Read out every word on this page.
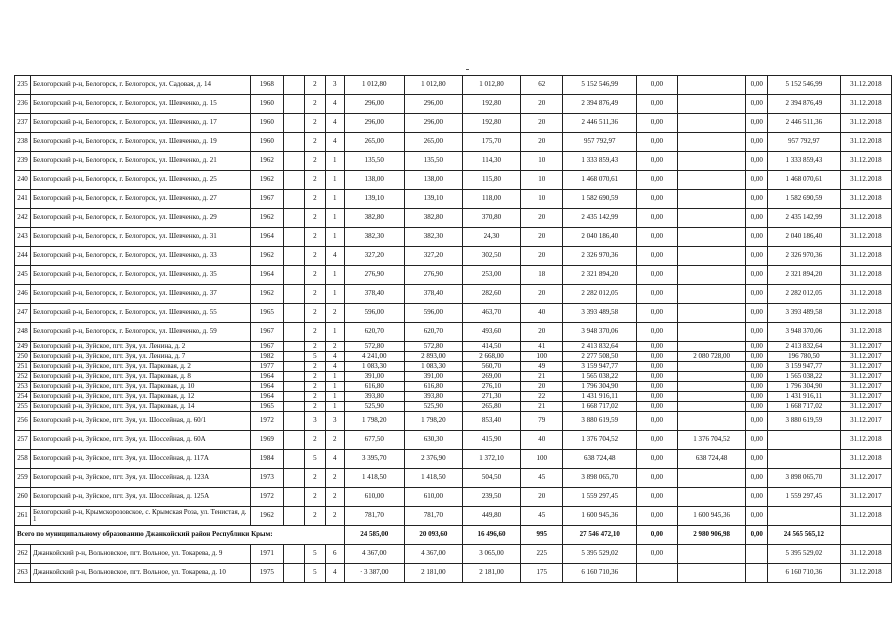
235	Белогорский р-н, Белогорск, г. Белогорск, ул. Садовая, д. 14	1968		2	3	1 012,80	1 012,80	1 012,80	62	5 152 546,99	0,00		0,00	5 152 546,99	31.12.2018
236	Белогорский р-н, Белогорск, г. Белогорск, ул. Шевченко, д. 15	1960		2	4	296,00	296,00	192,80	20	2 394 876,49	0,00		0,00	2 394 876,49	31.12.2018
237	Белогорский р-н, Белогорск, г. Белогорск, ул. Шевченко, д. 17	1960		2	4	296,00	296,00	192,80	20	2 446 511,36	0,00		0,00	2 446 511,36	31.12.2018
238	Белогорский р-н, Белогорск, г. Белогорск, ул. Шевченко, д. 19	1960		2	4	265,00	265,00	175,70	20	957 792,97	0,00		0,00	957 792,97	31.12.2018
239	Белогорский р-н, Белогорск, г. Белогорск, ул. Шевченко, д. 21	1962		2	1	135,50	135,50	114,30	10	1 333 859,43	0,00		0,00	1 333 859,43	31.12.2018
240	Белогорский р-н, Белогорск, г. Белогорск, ул. Шевченко, д. 25	1962		2	1	138,00	138,00	115,80	10	1 468 070,61	0,00		0,00	1 468 070,61	31.12.2018
241	Белогорский р-н, Белогорск, г. Белогорск, ул. Шевченко, д. 27	1967		2	1	139,10	139,10	118,00	10	1 582 690,59	0,00		0,00	1 582 690,59	31.12.2018
242	Белогорский р-н, Белогорск, г. Белогорск, ул. Шевченко, д. 29	1962		2	1	382,80	382,80	370,80	20	2 435 142,99	0,00		0,00	2 435 142,99	31.12.2018
243	Белогорский р-н, Белогорск, г. Белогорск, ул. Шевченко, д. 31	1964		2	1	382,30	382,30	24,30	20	2 040 186,40	0,00		0,00	2 040 186,40	31.12.2018
244	Белогорский р-н, Белогорск, г. Белогорск, ул. Шевченко, д. 33	1962		2	4	327,20	327,20	302,50	20	2 326 970,36	0,00		0,00	2 326 970,36	31.12.2018
245	Белогорский р-н, Белогорск, г. Белогорск, ул. Шевченко, д. 35	1964		2	1	276,90	276,90	253,00	18	2 321 894,20	0,00		0,00	2 321 894,20	31.12.2018
246	Белогорский р-н, Белогорск, г. Белогорск, ул. Шевченко, д. 37	1962		2	1	378,40	378,40	282,60	20	2 282 012,05	0,00		0,00	2 282 012,05	31.12.2018
247	Белогорский р-н, Белогорск, г. Белогорск, ул. Шевченко, д. 55	1965		2	2	596,00	596,00	463,70	40	3 393 489,58	0,00		0,00	3 393 489,58	31.12.2018
248	Белогорский р-н, Белогорск, г. Белогорск, ул. Шевченко, д. 59	1967		2	1	620,70	620,70	493,60	20	3 948 370,06	0,00		0,00	3 948 370,06	31.12.2018
249	Белогорский р-н, Зуйское, пгт. Зуя, ул. Ленина, д. 2	1967		2	2	572,80	572,80	414,50	41	2 413 832,64	0,00		0,00	2 413 832,64	31.12.2017
250	Белогорский р-н, Зуйское, пгт. Зуя, ул. Ленина, д. 7	1982		5	4	4 241,00	2 893,00	2 668,00	100	2 277 508,50	0,00	2 080 728,00	0,00	196 780,50	31.12.2017
251	Белогорский р-н, Зуйское, пгт. Зуя, ул. Парковая, д. 2	1977		2	4	1 083,30	1 083,30	560,70	49	3 159 947,77	0,00		0,00	3 159 947,77	31.12.2017
252	Белогорский р-н, Зуйское, пгт. Зуя, ул. Парковая, д. 8	1964		2	1	391,00	391,00	269,00	21	1 565 038,22	0,00		0,00	1 565 038,22	31.12.2017
253	Белогорский р-н, Зуйское, пгт. Зуя, ул. Парковая, д. 10	1964		2	1	616,80	616,80	276,10	20	1 796 304,90	0,00		0,00	1 796 304,90	31.12.2017
254	Белогорский р-н, Зуйское, пгт. Зуя, ул. Парковая, д. 12	1964		2	1	393,80	393,80	271,30	22	1 431 916,11	0,00		0,00	1 431 916,11	31.12.2017
255	Белогорский р-н, Зуйское, пгт. Зуя, ул. Парковая, д. 14	1965		2	1	525,90	525,90	265,80	21	1 668 717,02	0,00		0,00	1 668 717,02	31.12.2017
256	Белогорский р-н, Зуйское, пгт. Зуя, ул. Шоссейная, д. 60/1	1972		3	3	1 798,20	1 798,20	853,40	79	3 880 619,59	0,00		0,00	3 880 619,59	31.12.2017
257	Белогорский р-н, Зуйское, пгт. Зуя, ул. Шоссейная, д. 60А	1969		2	2	677,50	630,30	415,90	40	1 376 704,52	0,00	1 376 704,52	0,00		31.12.2018
258	Белогорский р-н, Зуйское, пгт. Зуя, ул. Шоссейная, д. 117А	1984		5	4	3 395,70	2 376,90	1 372,10	100	638 724,48	0,00	638 724,48	0,00		31.12.2018
259	Белогорский р-н, Зуйское, пгт. Зуя, ул. Шоссейная, д. 123А	1973		2	2	1 418,50	1 418,50	504,50	45	3 898 065,70	0,00		0,00	3 898 065,70	31.12.2017
260	Белогорский р-н, Зуйское, пгт. Зуя, ул. Шоссейная, д. 125А	1972		2	2	610,00	610,00	239,50	20	1 559 297,45	0,00		0,00	1 559 297,45	31.12.2017
261	Белогорский р-н, Крымскорозовское, с. Крымская Роза, ул. Тенистая, д. 1	1962		2	2	781,70	781,70	449,80	45	1 600 945,36	0,00	1 600 945,36	0,00		31.12.2018
Всего по муниципальному образованию Джанкойский район Республики Крым:						24 585,00	20 093,60	16 496,60	995	27 546 472,10	0,00	2 980 906,98	0,00	24 565 565,12	
262	Джанкойский р-н, Вольновское, пгт. Вольное, ул. Токарева, д. 9	1971		5	6	4 367,00	4 367,00	3 065,00	225	5 395 529,02	0,00			5 395 529,02	31.12.2018
263	Джанкойский р-н, Вольновское, пгт. Вольное, ул. Токарева, д. 10	1975		5	4	· 3 387,00	2 181,00	2 181,00	175	6 160 710,36				6 160 710,36	31.12.2018
